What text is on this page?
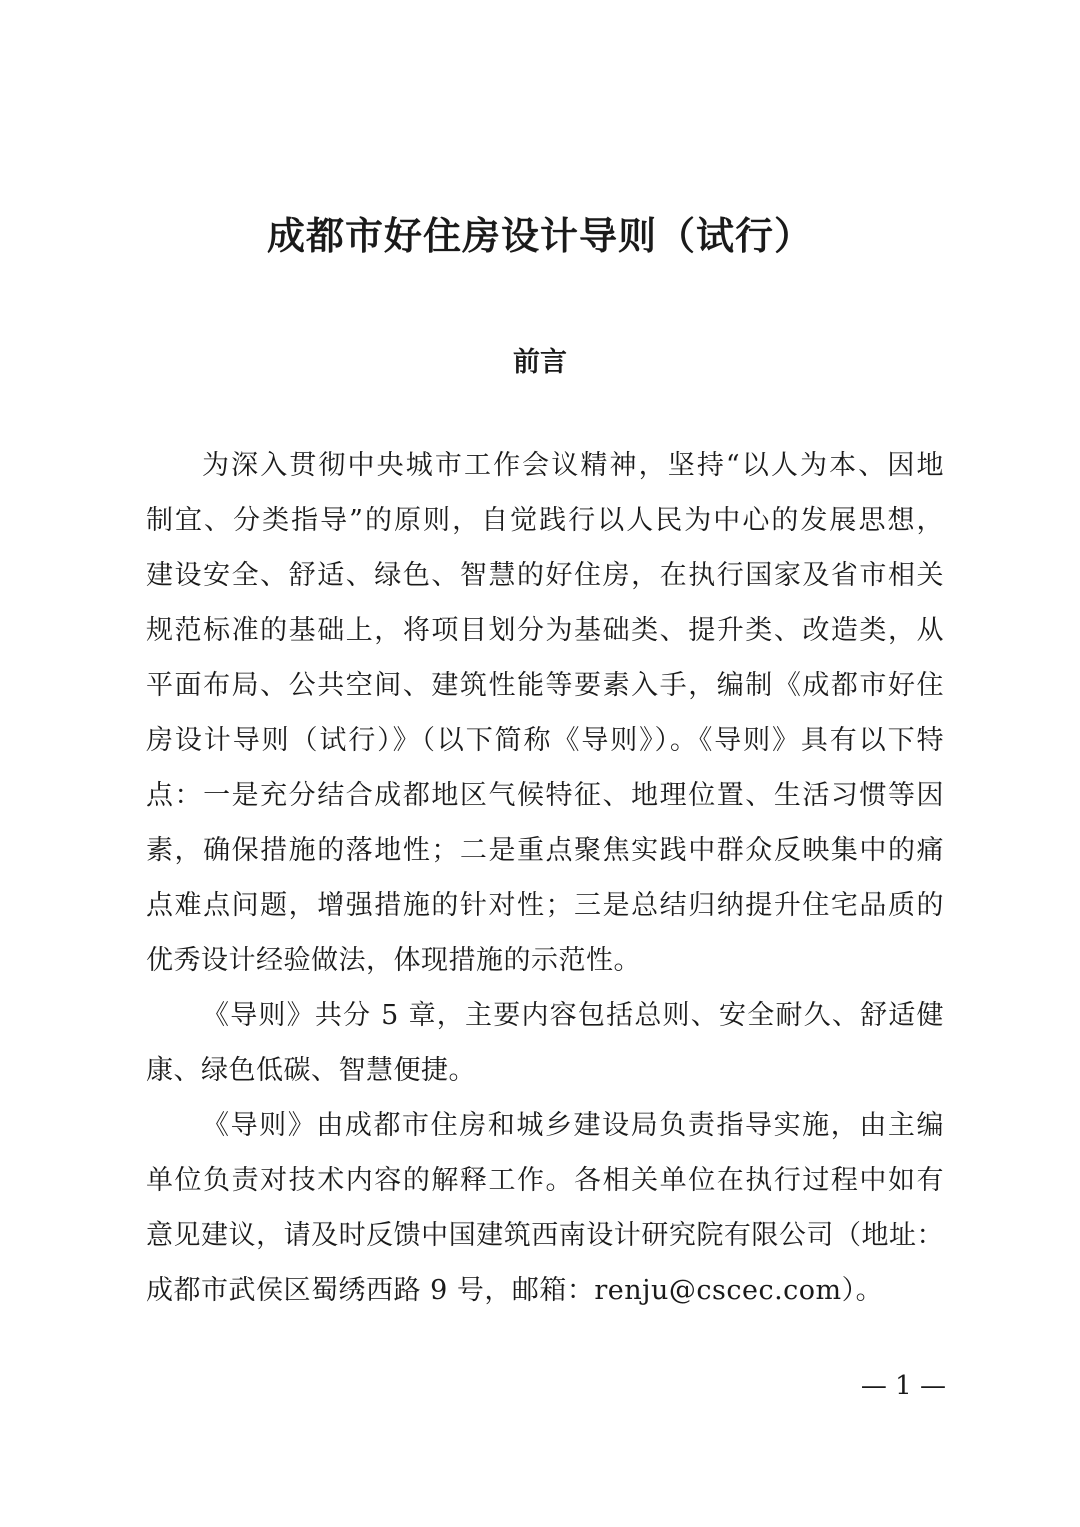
成都市好住房设计导则（试行）
前言

为深入贯彻中央城市工作会议精神，坚持“以人为本、因地
制宜、分类指导”的原则，自觉践行以人民为中心的发展思想，
建设安全、舒适、绿色、智慧的好住房，在执行国家及省市相关
规范标准的基础上，将项目划分为基础类、提升类、改造类，从
平面布局、公共空间、建筑性能等要素入手，编制《成都市好住
房设计导则（试行）》（以下简称《导则》）。《导则》具有以下特
点：一是充分结合成都地区气候特征、地理位置、生活习惯等因
素，确保措施的落地性；二是重点聚焦实践中群众反映集中的痛
点难点问题，增强措施的针对性；三是总结归纳提升住宅品质的
优秀设计经验做法，体现措施的示范性。

《导则》共分 5 章，主要内容包括总则、安全耐久、舒适健
康、绿色低碳、智慧便捷。

《导则》由成都市住房和城乡建设局负责指导实施，由主编
单位负责对技术内容的解释工作。各相关单位在执行过程中如有
意见建议，请及时反馈中国建筑西南设计研究院有限公司（地址：
成都市武侯区蜀绣西路 9 号，邮箱：renju@cscec.com）。

— 1 —
